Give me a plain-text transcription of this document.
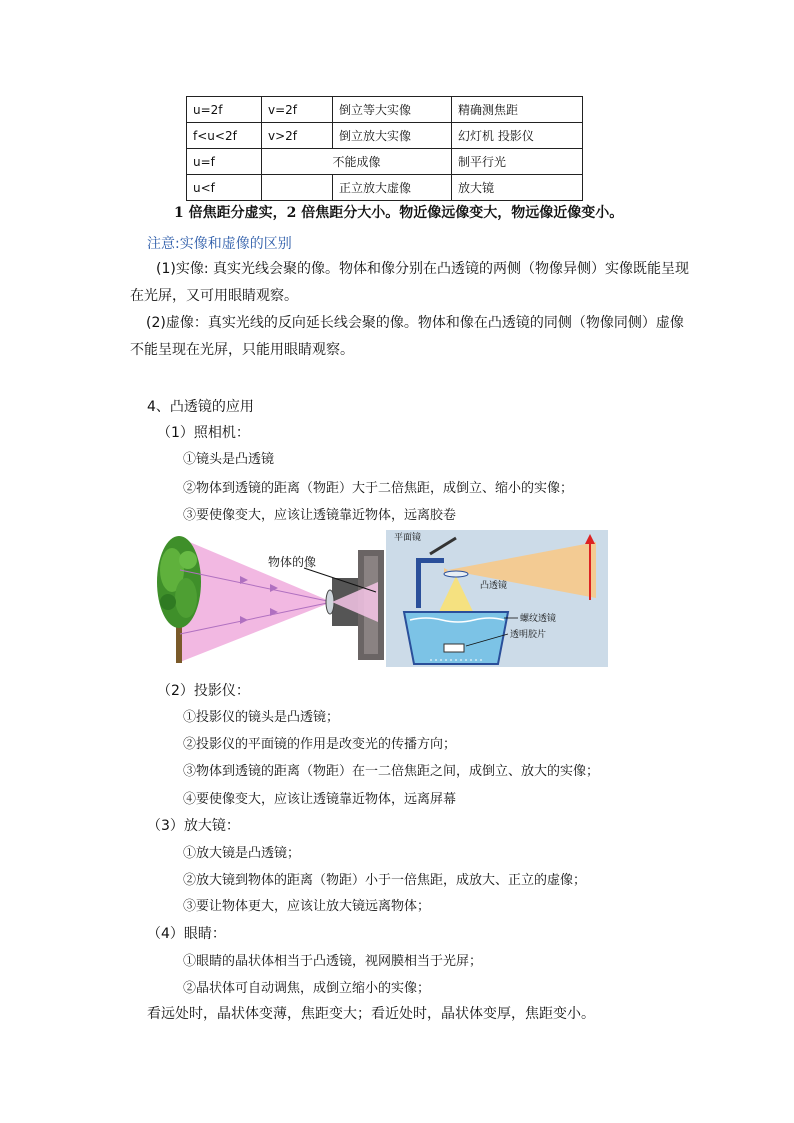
u=2f	v=2f	倒立等大实像	精确测焦距
f<u<2f	v>2f	倒立放大实像	幻灯机 投影仪
u=f	不能成像		制平行光
u<f		正立放大虚像	放大镜
1 倍焦距分虚实，2 倍焦距分大小。物近像远像变大，物远像近像变小。
注意:实像和虚像的区别
(1)实像: 真实光线会聚的像。物体和像分别在凸透镜的两侧（物像异侧）实像既能呈现在光屏，又可用眼睛观察。
(2)虚像：真实光线的反向延长线会聚的像。物体和像在凸透镜的同侧（物像同侧）虚像不能呈现在光屏，只能用眼睛观察。
4、凸透镜的应用
（1）照相机：
①镜头是凸透镜
②物体到透镜的距离（物距）大于二倍焦距，成倒立、缩小的实像；
③要使像变大，应该让透镜靠近物体，远离胶卷
物体的像
平面镜
凸透镜
螺纹透镜
透明胶片
（2）投影仪：
①投影仪的镜头是凸透镜；
②投影仪的平面镜的作用是改变光的传播方向；
③物体到透镜的距离（物距）在一二倍焦距之间，成倒立、放大的实像；
④要使像变大，应该让透镜靠近物体，远离屏幕
（3）放大镜：
①放大镜是凸透镜；
②放大镜到物体的距离（物距）小于一倍焦距，成放大、正立的虚像；
③要让物体更大，应该让放大镜远离物体；
（4）眼睛：
①眼睛的晶状体相当于凸透镜，视网膜相当于光屏；
②晶状体可自动调焦，成倒立缩小的实像；
看远处时，晶状体变薄，焦距变大；看近处时，晶状体变厚，焦距变小。
